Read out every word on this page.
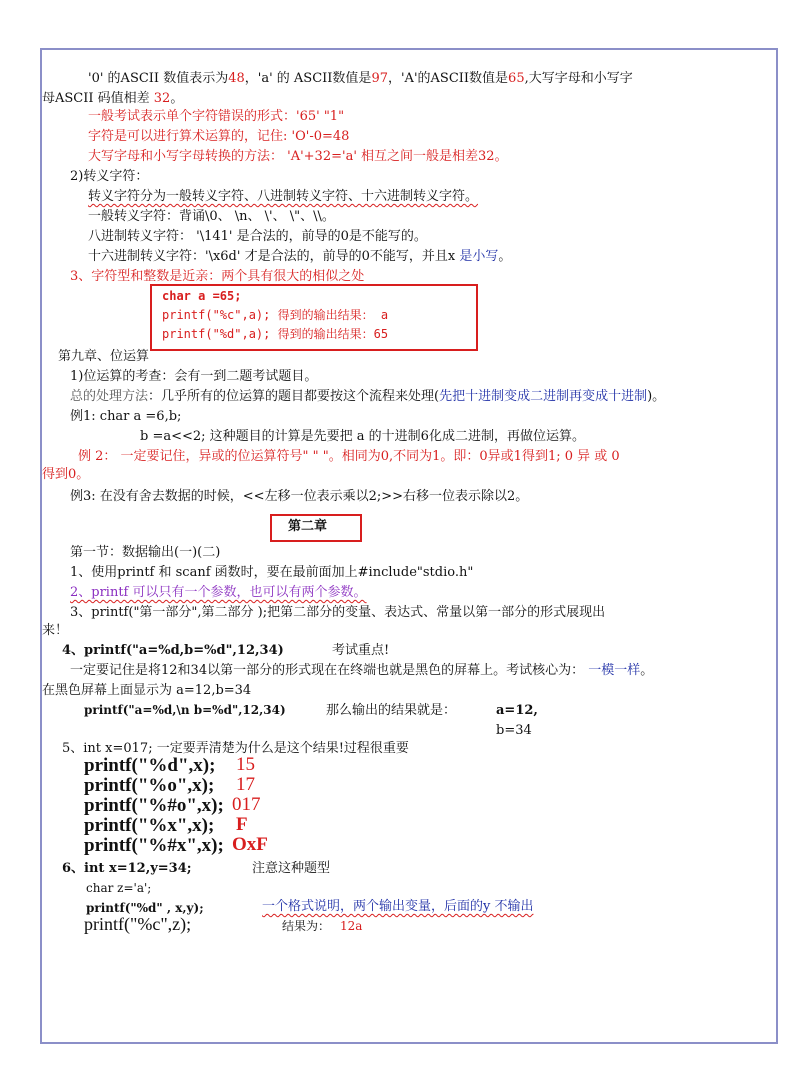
'0' 的ASCII 数值表示为48，'a' 的 ASCII数值是97，'A'的ASCII数值是65,大写字母和小写字
母ASCII 码值相差 32。
一般考试表示单个字符错误的形式：'65' "1"
字符是可以进行算术运算的，记住: 'O'-0=48
大写字母和小写字母转换的方法： 'A'+32='a' 相互之间一般是相差32。
2)转义字符：
转义字符分为一般转义字符、八进制转义字符、十六进制转义字符。
一般转义字符：背诵\0、 \n、 \'、 \"、\\。
八进制转义字符： '\141' 是合法的，前导的0是不能写的。
十六进制转义字符：'\x6d' 才是合法的，前导的0不能写，并且x 是小写。
3、字符型和整数是近亲：两个具有很大的相似之处
char a =65;
printf("%c",a); 得到的输出结果： a
printf("%d",a); 得到的输出结果：65
第九章、位运算
1)位运算的考查：会有一到二题考试题目。
总的处理方法：几乎所有的位运算的题目都要按这个流程来处理(先把十进制变成二进制再变成十进制)。
例1: char a =6,b;
b =a<<2; 这种题目的计算是先要把 a 的十进制6化成二进制，再做位运算。
例 2： 一定要记住，异或的位运算符号" " "。相同为0,不同为1。即：0异或1得到1; 0 异 或 0
得到0。
例3: 在没有舍去数据的时候，<<左移一位表示乘以2;>>右移一位表示除以2。
第二章
第一节：数据输出(一)(二)
1、使用printf 和 scanf 函数时，要在最前面加上#include"stdio.h"
2、printf 可以只有一个参数，也可以有两个参数。
3、printf("第一部分",第二部分 );把第二部分的变量、表达式、常量以第一部分的形式展现出
来！
4、printf("a=%d,b=%d",12,34)	考试重点!
一定要记住是将12和34以第一部分的形式现在在终端也就是黑色的屏幕上。考试核心为： 一模一样。
在黑色屏幕上面显示为 a=12,b=34
printf("a=%d,\n b=%d",12,34)	那么输出的结果就是：	a=12,
b=34
5、int x=017; 一定要弄清楚为什么是这个结果!过程很重要
printf("%d",x); 15
printf("%o",x); 17
printf("%#o",x); 017
printf("%x",x); F
printf("%#x",x); OxF
6、int x=12,y=34;	注意这种题型
char z='a';
printf("%d" , x,y);	一个格式说明，两个输出变量，后面的y 不输出
printf("%c",z);	结果为： 12a
